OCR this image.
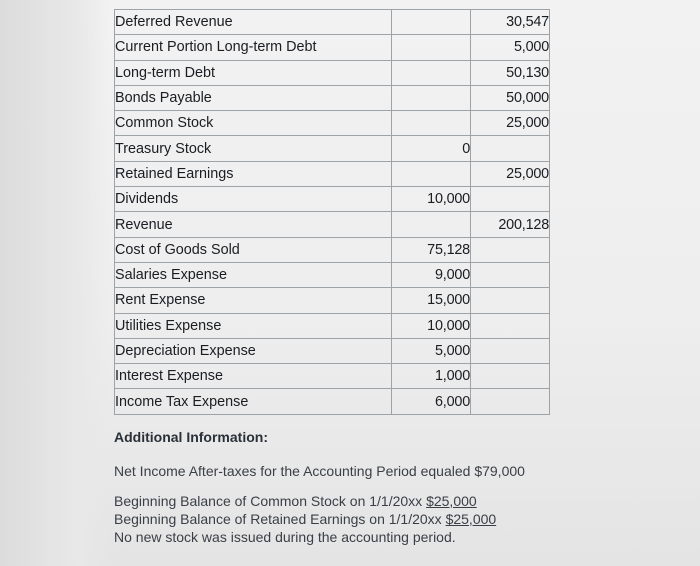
Deferred Revenue		30,547
Current Portion Long-term Debt		5,000
Long-term Debt		50,130
Bonds Payable		50,000
Common Stock		25,000
Treasury Stock	0	
Retained Earnings		25,000
Dividends	10,000	
Revenue		200,128
Cost of Goods Sold	75,128	
Salaries Expense	9,000	
Rent Expense	15,000	
Utilities Expense	10,000	
Depreciation Expense	5,000	
Interest Expense	1,000	
Income Tax Expense	6,000	

Additional Information:

Net Income After-taxes for the Accounting Period equaled $79,000

Beginning Balance of Common Stock on 1/1/20xx $25,000

Beginning Balance of Retained Earnings on 1/1/20xx $25,000

No new stock was issued during the accounting period.
